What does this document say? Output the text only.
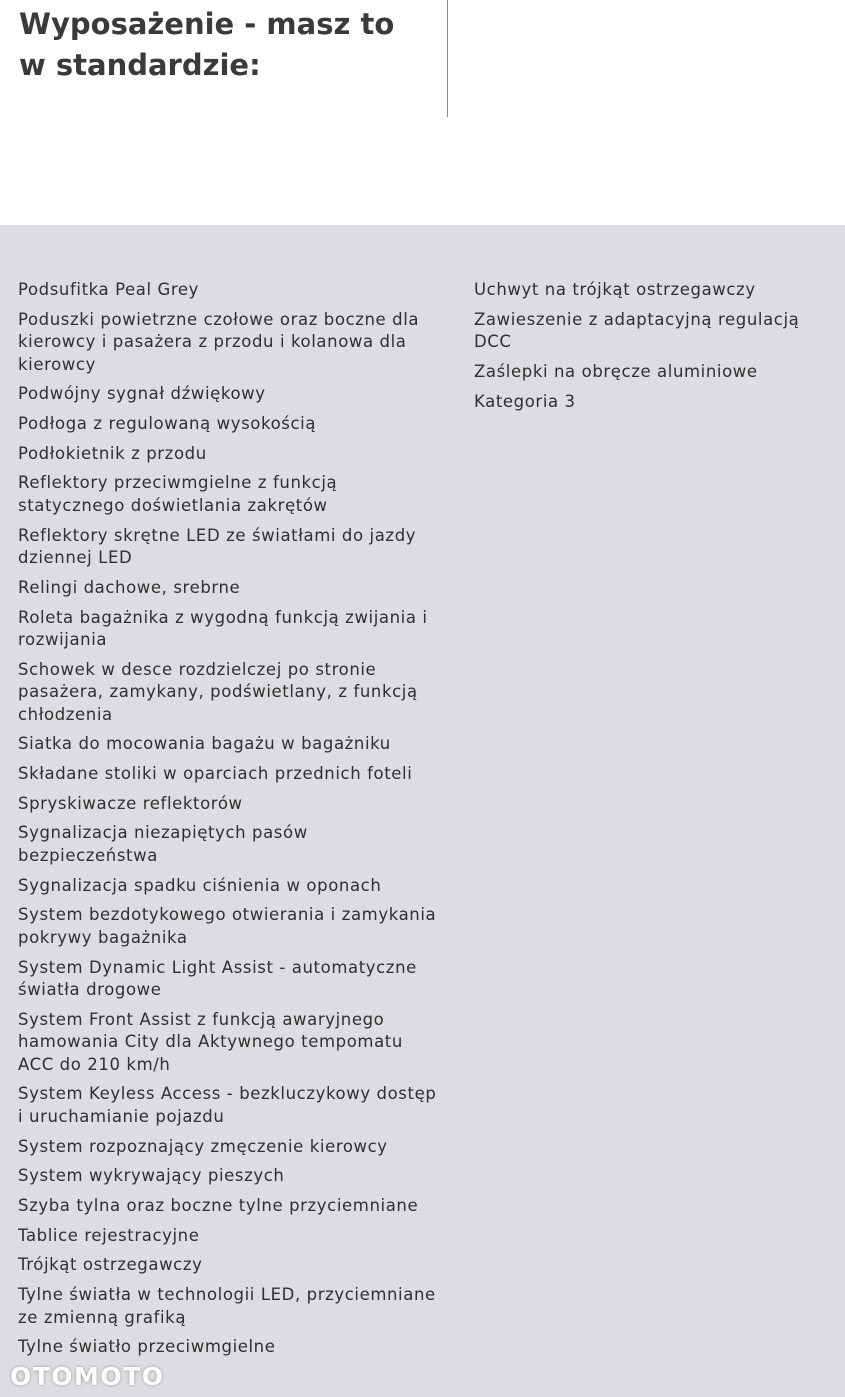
Wyposażenie - masz to
w standardzie:
Podsufitka Peal Grey
Poduszki powietrzne czołowe oraz boczne dla kierowcy i pasażera z przodu i kolanowa dla kierowcy
Podwójny sygnał dźwiękowy
Podłoga z regulowaną wysokością
Podłokietnik z przodu
Reflektory przeciwmgielne z funkcją statycznego doświetlania zakrętów
Reflektory skrętne LED ze światłami do jazdy dziennej LED
Relingi dachowe, srebrne
Roleta bagażnika z wygodną funkcją zwijania i rozwijania
Schowek w desce rozdzielczej po stronie pasażera, zamykany, podświetlany, z funkcją chłodzenia
Siatka do mocowania bagażu w bagażniku
Składane stoliki w oparciach przednich foteli
Spryskiwacze reflektorów
Sygnalizacja niezapiętych pasów bezpieczeństwa
Sygnalizacja spadku ciśnienia w oponach
System bezdotykowego otwierania i zamykania pokrywy bagażnika
System Dynamic Light Assist - automatyczne światła drogowe
System Front Assist z funkcją awaryjnego hamowania City dla Aktywnego tempomatu ACC do 210 km/h
System Keyless Access - bezkluczykowy dostęp i uruchamianie pojazdu
System rozpoznający zmęczenie kierowcy
System wykrywający pieszych
Szyba tylna oraz boczne tylne przyciemniane
Tablice rejestracyjne
Trójkąt ostrzegawczy
Tylne światła w technologii LED, przyciemniane ze zmienną grafiką
Tylne światło przeciwmgielne
Uchwyt na trójkąt ostrzegawczy
Zawieszenie z adaptacyjną regulacją DCC
Zaślepki na obręcze aluminiowe
Kategoria 3
OTOMOTO
